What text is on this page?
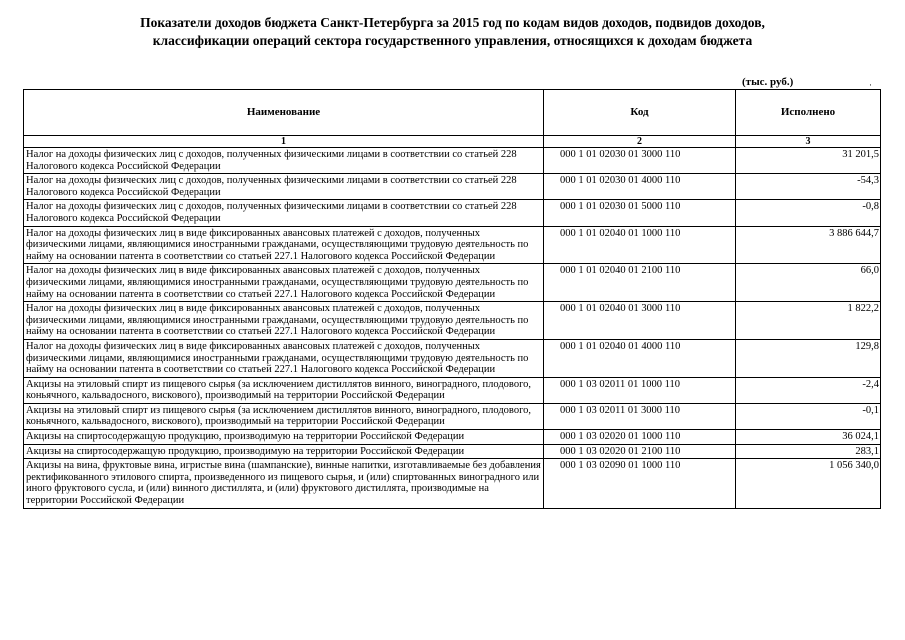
Показатели доходов бюджета Санкт-Петербурга за 2015 год по кодам видов доходов, подвидов доходов,
классификации операций сектора государственного управления, относящихся к доходам бюджета
(тыс. руб.)	·
Наименование	Код	Исполнено
1	2	3
Налог на доходы физических лиц с доходов, полученных физическими лицами в соответствии со статьей 228 Налогового кодекса Российской Федерации	000 1 01 02030 01 3000 110	31 201,5
Налог на доходы физических лиц с доходов, полученных физическими лицами в соответствии со статьей 228 Налогового кодекса Российской Федерации	000 1 01 02030 01 4000 110	-54,3
Налог на доходы физических лиц с доходов, полученных физическими лицами в соответствии со статьей 228 Налогового кодекса Российской Федерации	000 1 01 02030 01 5000 110	-0,8
Налог на доходы физических лиц в виде фиксированных авансовых платежей с доходов, полученных физическими лицами, являющимися иностранными гражданами, осуществляющими трудовую деятельность по найму на основании патента в соответствии со статьей 227.1 Налогового кодекса Российской Федерации	000 1 01 02040 01 1000 110	3 886 644,7
Налог на доходы физических лиц в виде фиксированных авансовых платежей с доходов, полученных физическими лицами, являющимися иностранными гражданами, осуществляющими трудовую деятельность по найму на основании патента в соответствии со статьей 227.1 Налогового кодекса Российской Федерации	000 1 01 02040 01 2100 110	66,0
Налог на доходы физических лиц в виде фиксированных авансовых платежей с доходов, полученных физическими лицами, являющимися иностранными гражданами, осуществляющими трудовую деятельность по найму на основании патента в соответствии со статьей 227.1 Налогового кодекса Российской Федерации	000 1 01 02040 01 3000 110	1 822,2
Налог на доходы физических лиц в виде фиксированных авансовых платежей с доходов, полученных физическими лицами, являющимися иностранными гражданами, осуществляющими трудовую деятельность по найму на основании патента в соответствии со статьей 227.1 Налогового кодекса Российской Федерации	000 1 01 02040 01 4000 110	129,8
Акцизы на этиловый спирт из пищевого сырья (за исключением дистиллятов винного, виноградного, плодового, коньячного, кальвадосного, вискового), производимый на территории Российской Федерации	000 1 03 02011 01 1000 110	-2,4
Акцизы на этиловый спирт из пищевого сырья (за исключением дистиллятов винного, виноградного, плодового, коньячного, кальвадосного, вискового), производимый на территории Российской Федерации	000 1 03 02011 01 3000 110	-0,1
Акцизы на спиртосодержащую продукцию, производимую на территории Российской Федерации	000 1 03 02020 01 1000 110	36 024,1
Акцизы на спиртосодержащую продукцию, производимую на территории Российской Федерации	000 1 03 02020 01 2100 110	283,1
Акцизы на вина, фруктовые вина, игристые вина (шампанские), винные напитки, изготавливаемые без добавления ректификованного этилового спирта, произведенного из пищевого сырья, и (или) спиртованных виноградного или иного фруктового сусла, и (или) винного дистиллята, и (или) фруктового дистиллята, производимые на территории Российской Федерации	000 1 03 02090 01 1000 110	1 056 340,0
